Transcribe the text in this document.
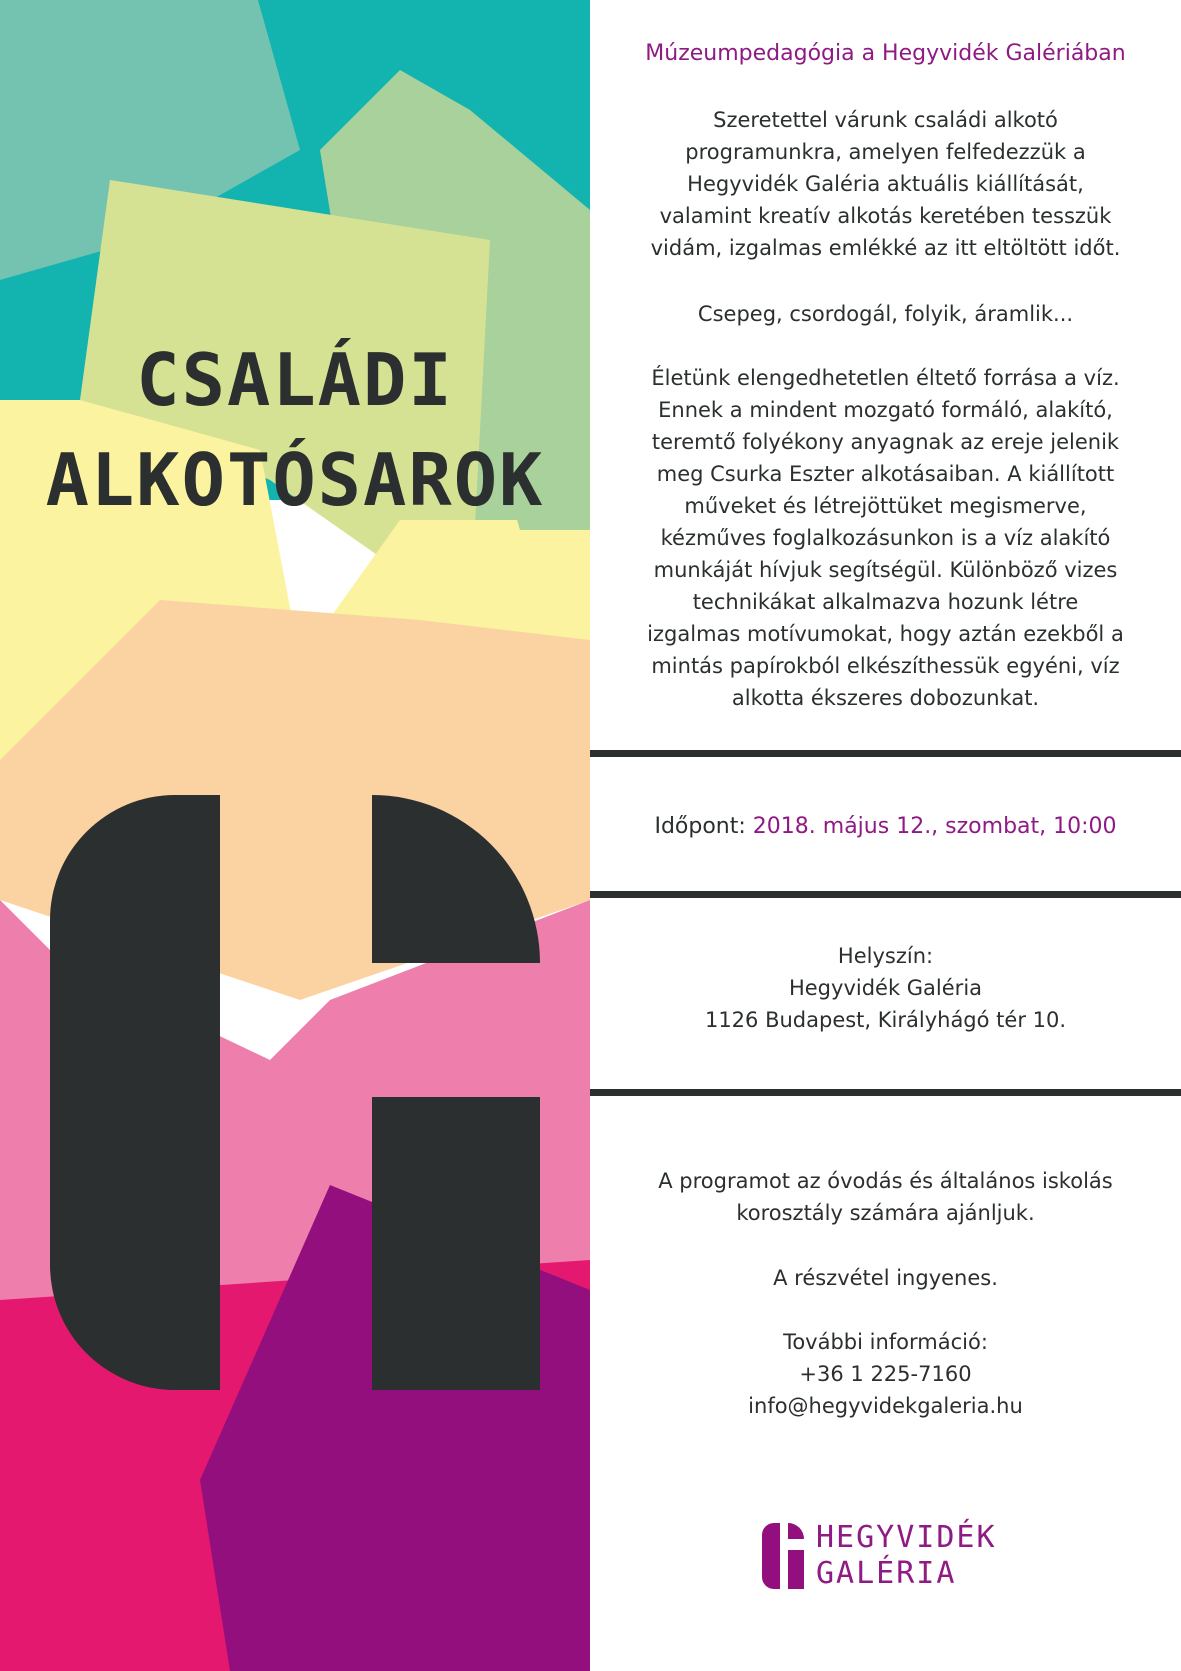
CSALÁDI
ALKOTÓSAROK
Múzeumpedagógia a Hegyvidék Galériában
Szeretettel várunk családi alkotó
programunkra, amelyen felfedezzük a
Hegyvidék Galéria aktuális kiállítását,
valamint kreatív alkotás keretében tesszük
vidám, izgalmas emlékké az itt eltöltött időt.
Csepeg, csordogál, folyik, áramlik...
Életünk elengedhetetlen éltető forrása a víz.
Ennek a mindent mozgató formáló, alakító,
teremtő folyékony anyagnak az ereje jelenik
meg Csurka Eszter alkotásaiban. A kiállított
műveket és létrejöttüket megismerve,
kézműves foglalkozásunkon is a víz alakító
munkáját hívjuk segítségül. Különböző vizes
technikákat alkalmazva hozunk létre
izgalmas motívumokat, hogy aztán ezekből a
mintás papírokból elkészíthessük egyéni, víz
alkotta ékszeres dobozunkat.
Időpont: 2018. május 12., szombat, 10:00
Helyszín:
Hegyvidék Galéria
1126 Budapest, Királyhágó tér 10.
A programot az óvodás és általános iskolás
korosztály számára ajánljuk.
A részvétel ingyenes.
További információ:
+36 1 225-7160
info@hegyvidekgaleria.hu
HEGYVIDÉK
GALÉRIA
